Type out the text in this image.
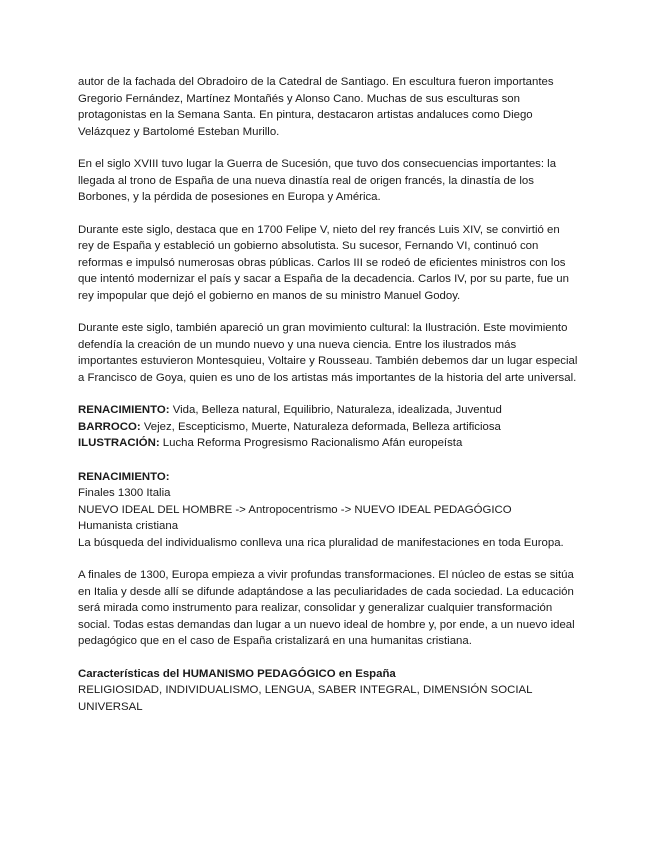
autor de la fachada del Obradoiro de la Catedral de Santiago. En escultura fueron importantes Gregorio Fernández, Martínez Montañés y Alonso Cano. Muchas de sus esculturas son protagonistas en la Semana Santa. En pintura, destacaron artistas andaluces como Diego Velázquez y Bartolomé Esteban Murillo.

En el siglo XVIII tuvo lugar la Guerra de Sucesión, que tuvo dos consecuencias importantes: la llegada al trono de España de una nueva dinastía real de origen francés, la dinastía de los Borbones, y la pérdida de posesiones en Europa y América.

Durante este siglo, destaca que en 1700 Felipe V, nieto del rey francés Luis XIV, se convirtió en rey de España y estableció un gobierno absolutista. Su sucesor, Fernando VI, continuó con reformas e impulsó numerosas obras públicas. Carlos III se rodeó de eficientes ministros con los que intentó modernizar el país y sacar a España de la decadencia. Carlos IV, por su parte, fue un rey impopular que dejó el gobierno en manos de su ministro Manuel Godoy.

Durante este siglo, también apareció un gran movimiento cultural: la Ilustración. Este movimiento defendía la creación de un mundo nuevo y una nueva ciencia. Entre los ilustrados más importantes estuvieron Montesquieu, Voltaire y Rousseau. También debemos dar un lugar especial a Francisco de Goya, quien es uno de los artistas más importantes de la historia del arte universal.

RENACIMIENTO: Vida, Belleza natural, Equilibrio, Naturaleza, idealizada, Juventud

BARROCO: Vejez, Escepticismo, Muerte, Naturaleza deformada, Belleza artificiosa

ILUSTRACIÓN: Lucha Reforma Progresismo Racionalismo Afán europeísta

RENACIMIENTO:

Finales 1300 Italia

NUEVO IDEAL DEL HOMBRE -> Antropocentrismo -> NUEVO IDEAL PEDAGÓGICO

Humanista cristiana

La búsqueda del individualismo conlleva una rica pluralidad de manifestaciones en toda Europa.

A finales de 1300, Europa empieza a vivir profundas transformaciones. El núcleo de estas se sitúa en Italia y desde allí se difunde adaptándose a las peculiaridades de cada sociedad. La educación será mirada como instrumento para realizar, consolidar y generalizar cualquier transformación social. Todas estas demandas dan lugar a un nuevo ideal de hombre y, por ende, a un nuevo ideal pedagógico que en el caso de España cristalizará en una humanitas cristiana.

Características del HUMANISMO PEDAGÓGICO en España

RELIGIOSIDAD, INDIVIDUALISMO, LENGUA, SABER INTEGRAL, DIMENSIÓN SOCIAL UNIVERSAL
